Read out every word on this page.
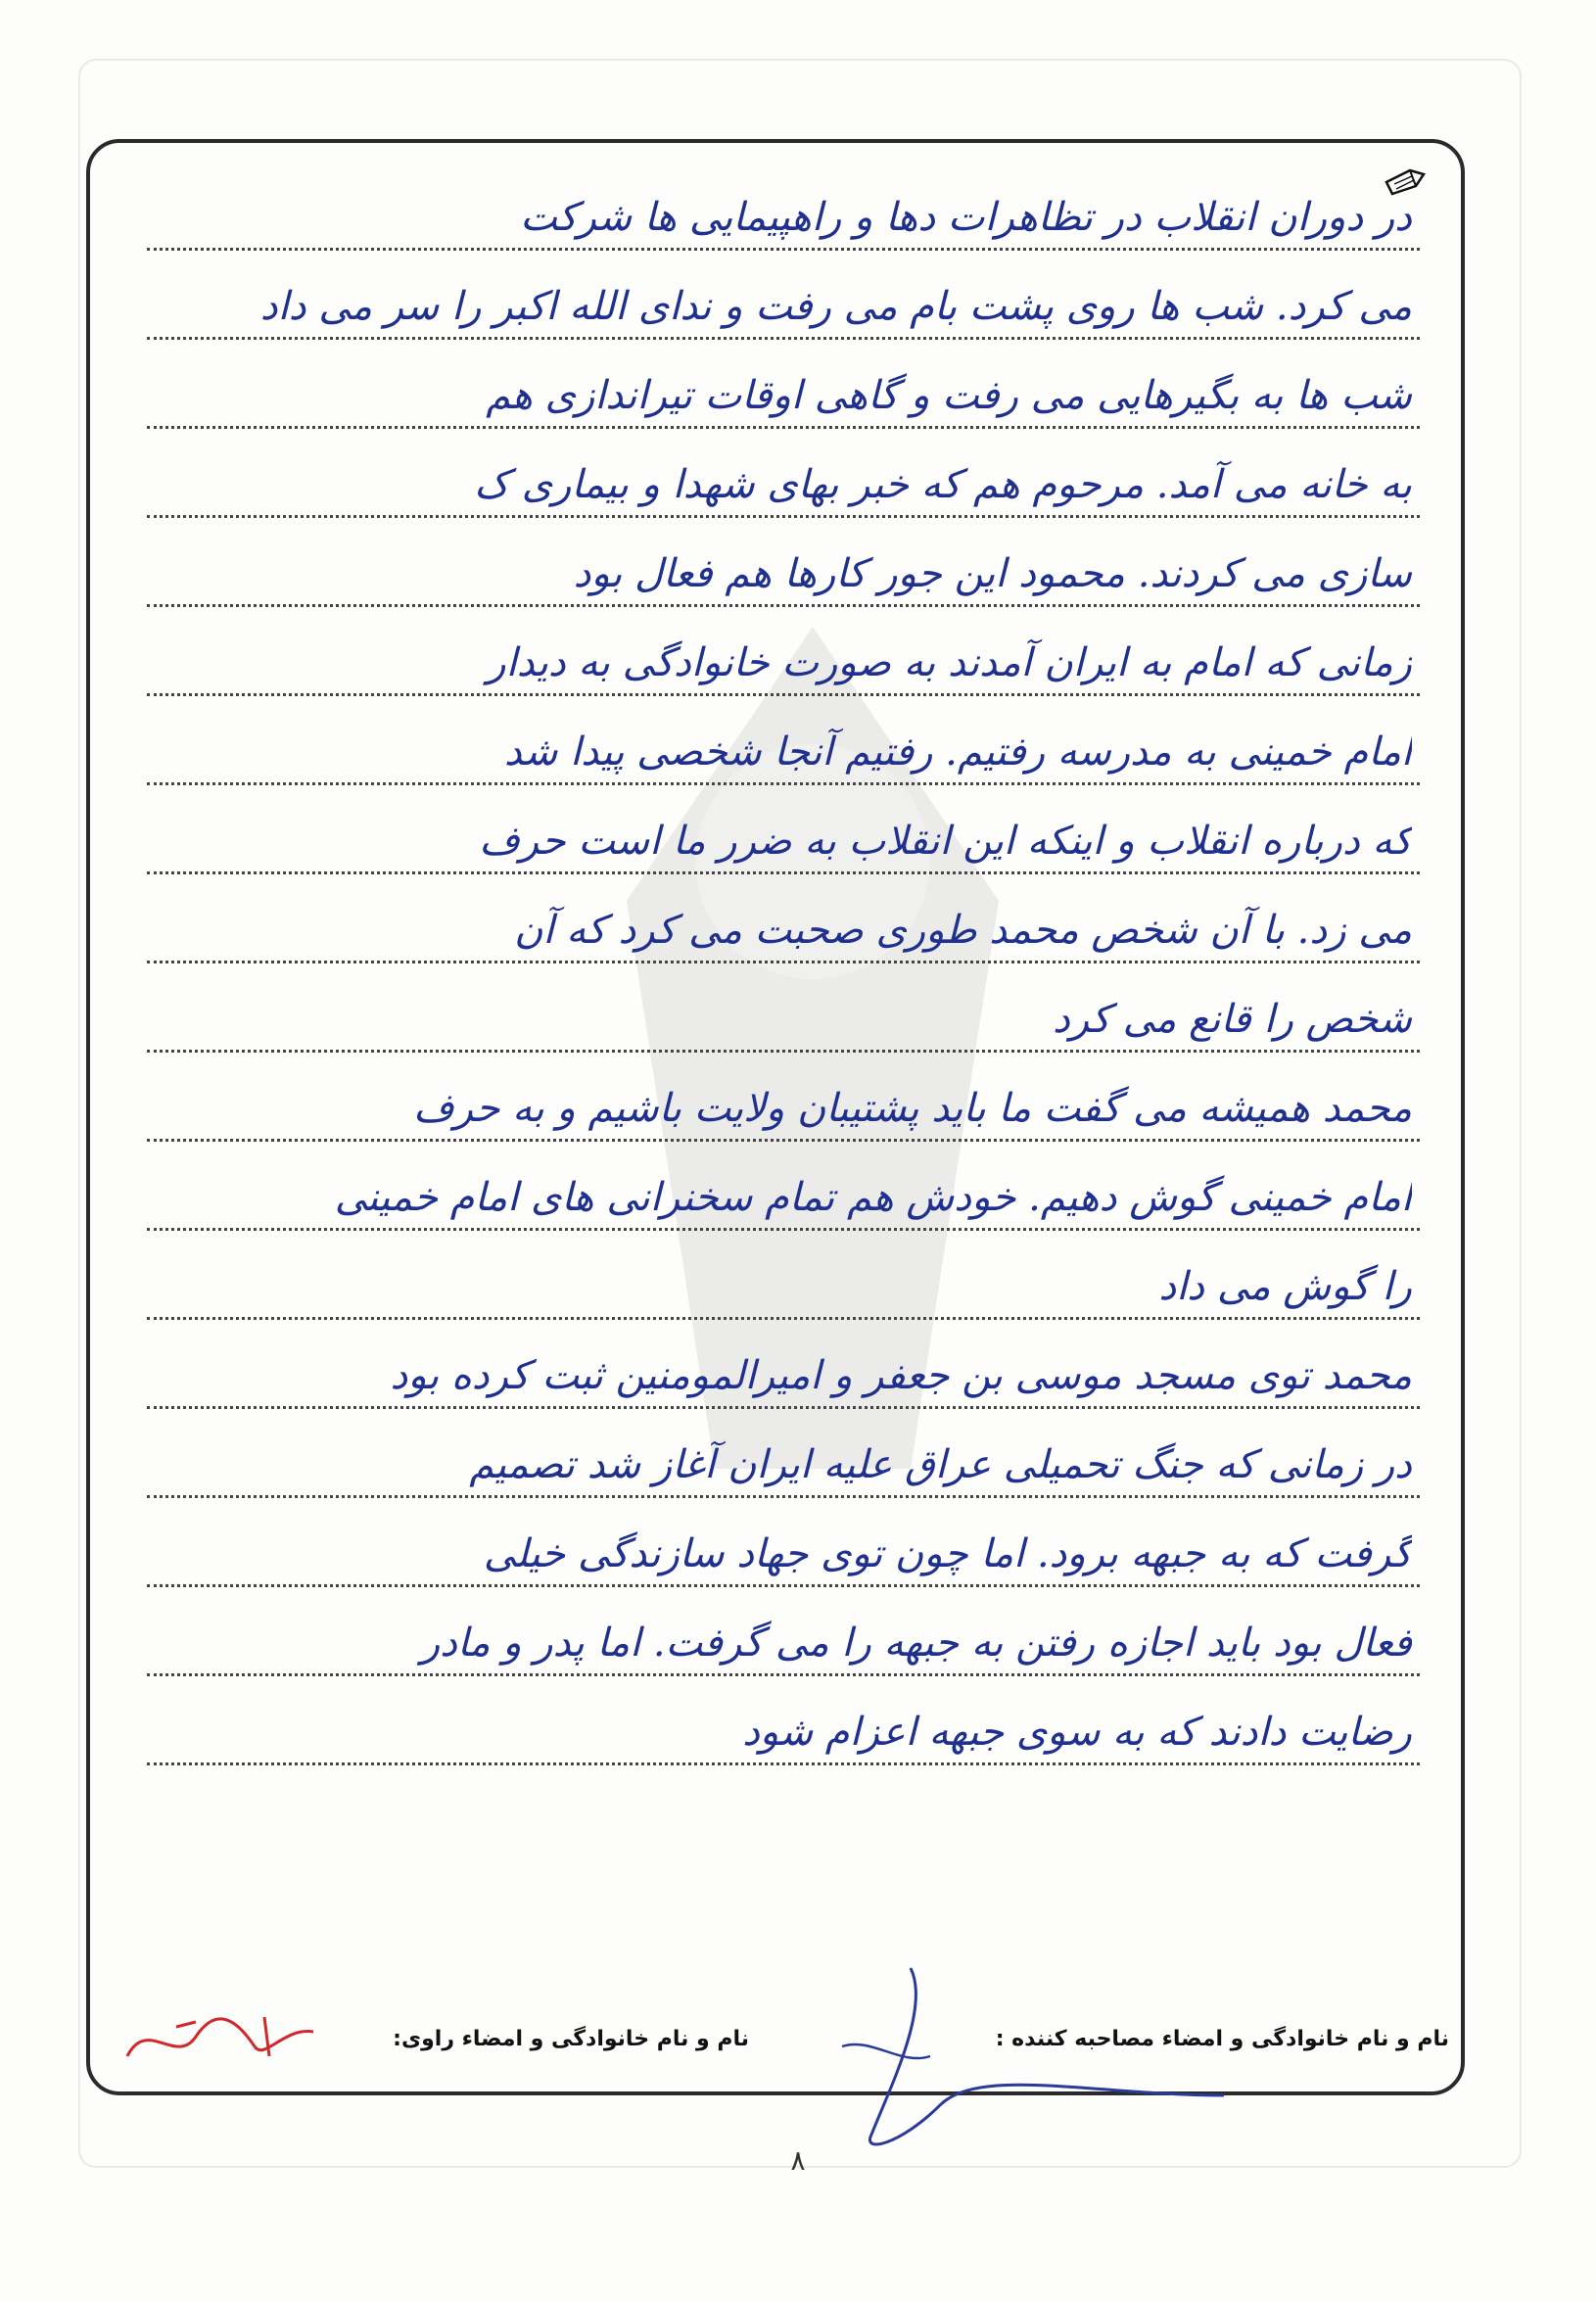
در دوران انقلاب در تظاهرات دها و راهپیمایی ها شرکت
می کرد. شب ها روی پشت بام می رفت و ندای الله اکبر را سر می داد
شب ها به بگیرهایی می رفت و گاهی اوقات تیراندازی هم
به خانه می آمد. مرحوم هم که خبر بهای شهدا و بیماری ک
سازی می کردند. محمود این جور کارها هم فعال بود
زمانی که امام به ایران آمدند به صورت خانوادگی به دیدار
امام خمینی به مدرسه رفتیم. رفتیم آنجا شخصی پیدا شد
که درباره انقلاب و اینکه این انقلاب به ضرر ما است حرف
می زد. با آن شخص محمد طوری صحبت می کرد که آن
شخص را قانع می کرد
محمد همیشه می گفت ما باید پشتیبان ولایت باشیم و به حرف
امام خمینی گوش دهیم. خودش هم تمام سخنرانی های امام خمینی
را گوش می داد
محمد توی مسجد موسی بن جعفر و امیرالمومنین ثبت کرده بود
در زمانی که جنگ تحمیلی عراق علیه ایران آغاز شد تصمیم
گرفت که به جبهه برود. اما چون توی جهاد سازندگی خیلی
فعال بود باید اجازه رفتن به جبهه را می گرفت. اما پدر و مادر
رضایت دادند که به سوی جبهه اعزام شود
نام و نام خانوادگی و امضاء مصاحبه کننده :
نام و نام خانوادگی و امضاء راوی:
۸
